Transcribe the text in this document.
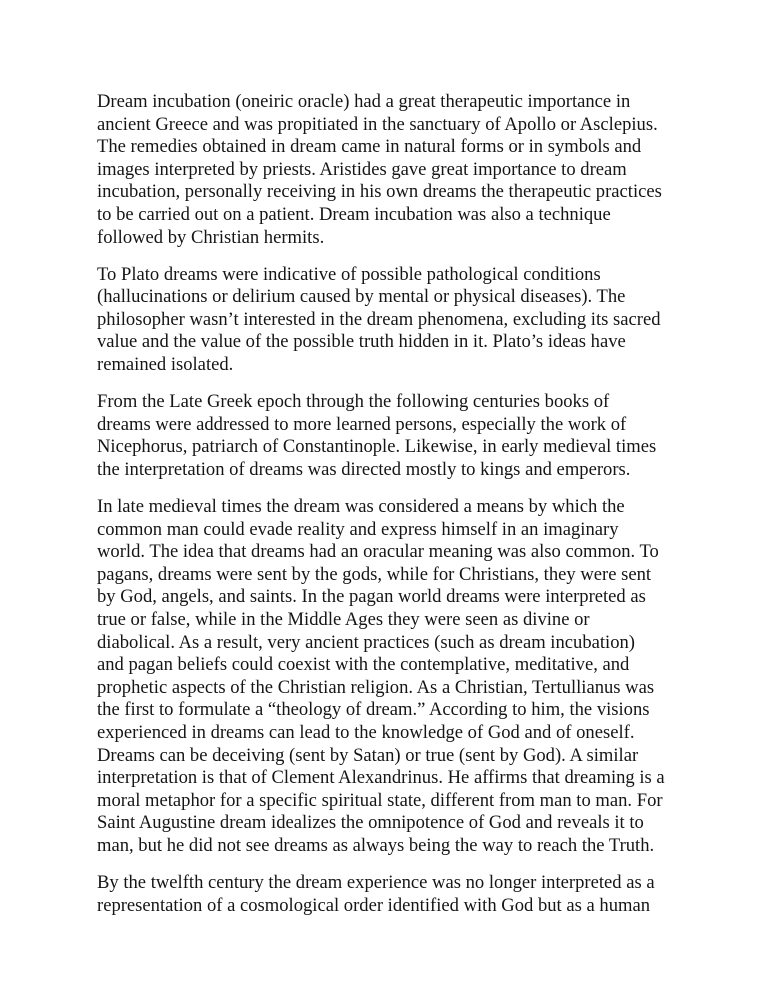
Dream incubation (oneiric oracle) had a great therapeutic importance in
ancient Greece and was propitiated in the sanctuary of Apollo or Asclepius.
The remedies obtained in dream came in natural forms or in symbols and
images interpreted by priests. Aristides gave great importance to dream
incubation, personally receiving in his own dreams the therapeutic practices
to be carried out on a patient. Dream incubation was also a technique
followed by Christian hermits.

To Plato dreams were indicative of possible pathological conditions
(hallucinations or delirium caused by mental or physical diseases). The
philosopher wasn’t interested in the dream phenomena, excluding its sacred
value and the value of the possible truth hidden in it. Plato’s ideas have
remained isolated.

From the Late Greek epoch through the following centuries books of
dreams were addressed to more learned persons, especially the work of
Nicephorus, patriarch of Constantinople. Likewise, in early medieval times
the interpretation of dreams was directed mostly to kings and emperors.

In late medieval times the dream was considered a means by which the
common man could evade reality and express himself in an imaginary
world. The idea that dreams had an oracular meaning was also common. To
pagans, dreams were sent by the gods, while for Christians, they were sent
by God, angels, and saints. In the pagan world dreams were interpreted as
true or false, while in the Middle Ages they were seen as divine or
diabolical. As a result, very ancient practices (such as dream incubation)
and pagan beliefs could coexist with the contemplative, meditative, and
prophetic aspects of the Christian religion. As a Christian, Tertullianus was
the first to formulate a “theology of dream.” According to him, the visions
experienced in dreams can lead to the knowledge of God and of oneself.
Dreams can be deceiving (sent by Satan) or true (sent by God). A similar
interpretation is that of Clement Alexandrinus. He affirms that dreaming is a
moral metaphor for a specific spiritual state, different from man to man. For
Saint Augustine dream idealizes the omnipotence of God and reveals it to
man, but he did not see dreams as always being the way to reach the Truth.

By the twelfth century the dream experience was no longer interpreted as a
representation of a cosmological order identified with God but as a human
